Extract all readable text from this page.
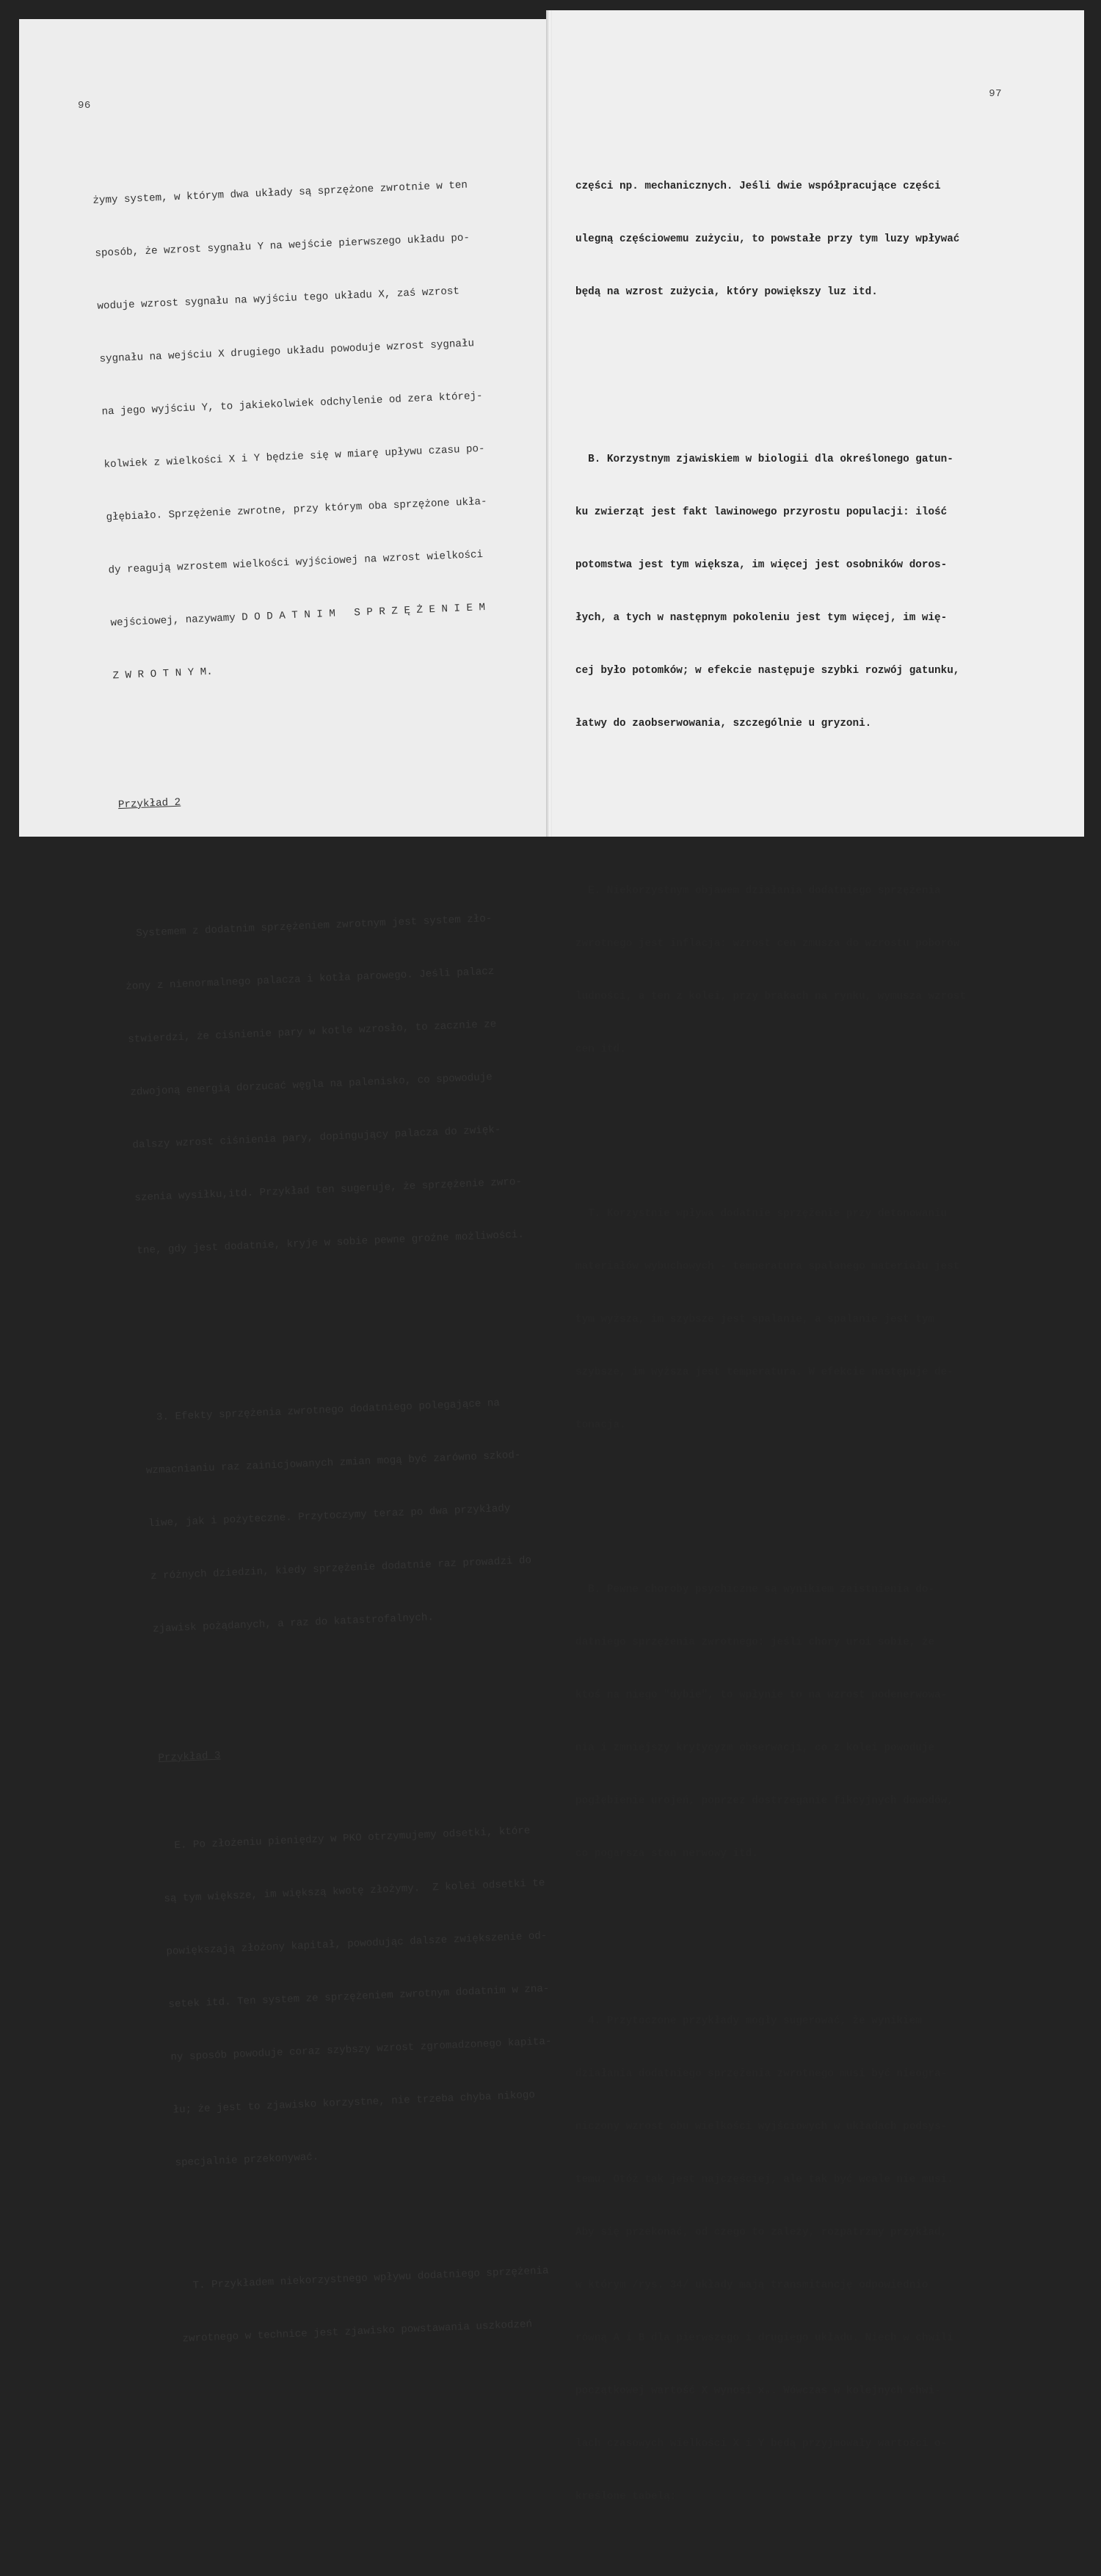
96

żymy system, w którym dwa układy są sprzężone zwrotnie w ten

sposób, że wzrost sygnału Y na wejście pierwszego układu po-

woduje wzrost sygnału na wyjściu tego układu X, zaś wzrost

sygnału na wejściu X drugiego układu powoduje wzrost sygnału

na jego wyjściu Y, to jakiekolwiek odchylenie od zera której-

kolwiek z wielkości X i Y będzie się w miarę upływu czasu po-

głębiało. Sprzężenie zwrotne, przy którym oba sprzężone ukła-

dy reagują wzrostem wielkości wyjściowej na wzrost wielkości

wejściowej, nazywamy D O D A T N I M   S P R Z Ę Ż E N I E M

Z W R O T N Y M.

Przykład 2

Systemem z dodatnim sprzężeniem zwrotnym jest system zło-

żony z nienormalnego palacza i kotła parowego. Jeśli palacz

stwierdzi, że ciśnienie pary w kotle wzrosło, to zacznie ze

zdwojoną energią dorzucać węgla na palenisko, co spowoduje

dalszy wzrost ciśnienia pary, dopingujący palacza do zwięk-

szenia wysiłku,itd. Przykład ten sugeruje, że sprzężenie zwro-

tne, gdy jest dodatnie, kryje w sobie pewne groźne możliwości.

3. Efekty sprzężenia zwrotnego dodatniego polegające na

wzmacnianiu raz zainicjowanych zmian mogą być zarówno szkod-

liwe, jak i pożyteczne. Przytoczymy teraz po dwa przykłady

z różnych dziedzin, kiedy sprzężenie dodatnie raz prowadzi do

zjawisk pożądanych, a raz do katastrofalnych.

Przykład 3

E. Po złożeniu pieniędzy w PKO otrzymujemy odsetki, które

są tym większe, im większą kwotę złożymy.  Z kolei odsetki te

powiększają złożony kapitał, powodując dalsze zwiększenie od-

setek itd. Ten system ze sprzężeniem zwrotnym dodatnim w zna-

ny sposób powoduje coraz szybszy wzrost zgromadzonego kapita-

łu; że jest to zjawisko korzystne, nie trzeba chyba nikogo

specjalnie przekonywać.

T. Przykładem niekorzystnego wpływu dodatniego sprzężenia

zwrotnego w technice jest zjawisko powstawania uszkodzeń

97

części np. mechanicznych. Jeśli dwie współpracujące części

ulegną częściowemu zużyciu, to powstałe przy tym luzy wpływać

będą na wzrost zużycia, który powiększy luz itd.

B. Korzystnym zjawiskiem w biologii dla określonego gatun-

ku zwierząt jest fakt lawinowego przyrostu populacji: ilość

potomstwa jest tym większa, im więcej jest osobników doros-

łych, a tych w następnym pokoleniu jest tym więcej, im wię-

cej było potomków; w efekcie następuje szybki rozwój gatunku,

łatwy do zaobserwowania, szczególnie u gryzoni.

E. Niekorzystnym objawem działania dodatniego sprzężenia

zwrotnego jest inflacja: wzrost cen zmusza do wzrostu poborów

ludności, a ten z kolei, przy brakach na rynku, wymusza wzrost

cen itd.

T. Korzystnie wpływa dodatnie sprzężenie przy detonowaniu

materiałów wybuchowych - temperatura spalanego materiału jest

tym wyższa, im szybsze jest spalanie, a spalanie jest tym

szybsze, im wyższa jest temperatura. W efekcie następuje de-

tonacja.

B. Pewne choroby psychiczne są wynikiem zaistnienia do-

datniego sprzężenia zwrotnego: jeśli chory uroi sobie, że

ktoś na niego "dybie", to wpłynie to na wzrost podenerwowa-

nia i zmniejszy krytycyzm obserwacji, co z kolei powoduje

pogłębienie urojeń, poprzez dostrzeganie fikcyjnych dowodów,

co pogarsza stan nerwowy itd.

4. Przytoczone przykłady mogły sugerować, że wynikiem

działania dodatniego sprzężenia zwrotnego musi być nieogra-

niczony wzrost obu wielkości wyjściowych w układach podsys-

temu. Otóż tak jest najczęściej, ale tak być wcale nie musi.

Aby się przekonać, od czego to zależy, rozpatrzmy przykład,

w którym /rys. 34/ układy mają transmitancję odpowiednio

równą A i B dla pierwszego i drugiego układu. Niech w chwili

początkowej wartość X wynosi x₀. Wówczas w kolejnych chwi-

lach czasowych wielkości X i Y będą przyjmowały wartości o-

kreślone tabelą:
